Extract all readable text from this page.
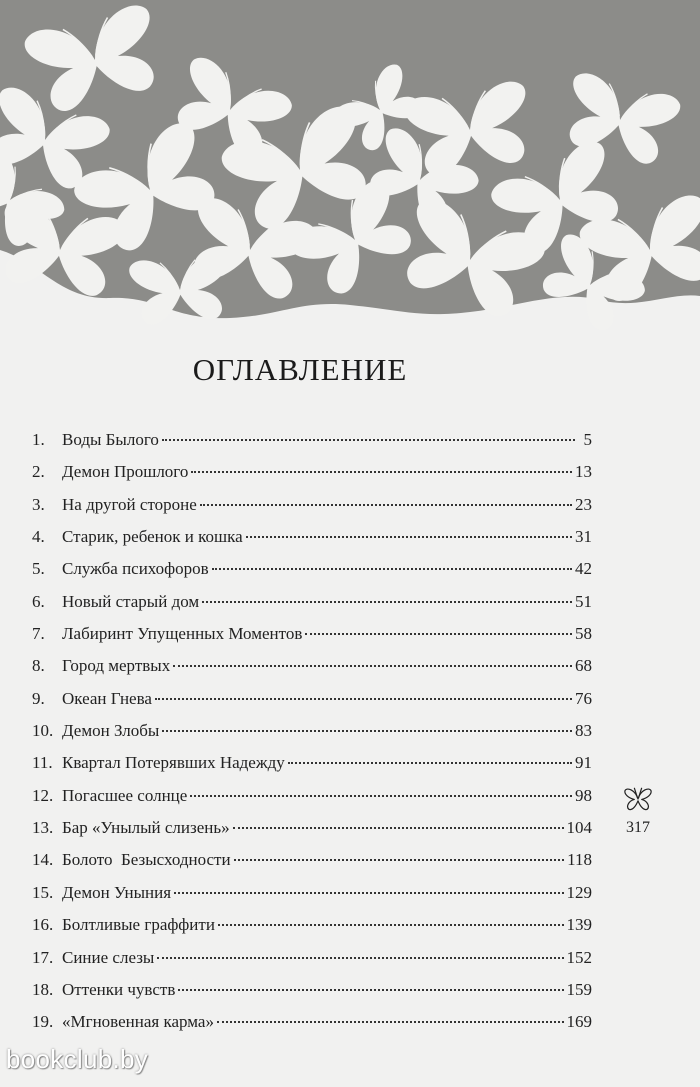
ОГЛАВЛЕНИЕ
1.	Воды Былого	5
2.	Демон Прошлого	13
3.	На другой стороне	23
4.	Старик, ребенок и кошка	31
5.	Служба психофоров	42
6.	Новый старый дом	51
7.	Лабиринт Упущенных Моментов	58
8.	Город мертвых	68
9.	Океан Гнева	76
10. Демон Злобы	83
11. Квартал Потерявших Надежду	91
12. Погасшее солнце	98
13. Бар «Унылый слизень»	104
14. Болото  Безысходности	118
15. Демон Уныния	129
16. Болтливые граффити	139
17. Синие слезы	152
18. Оттенки чувств	159
19. «Мгновенная карма»	169
317
bookclub.by
